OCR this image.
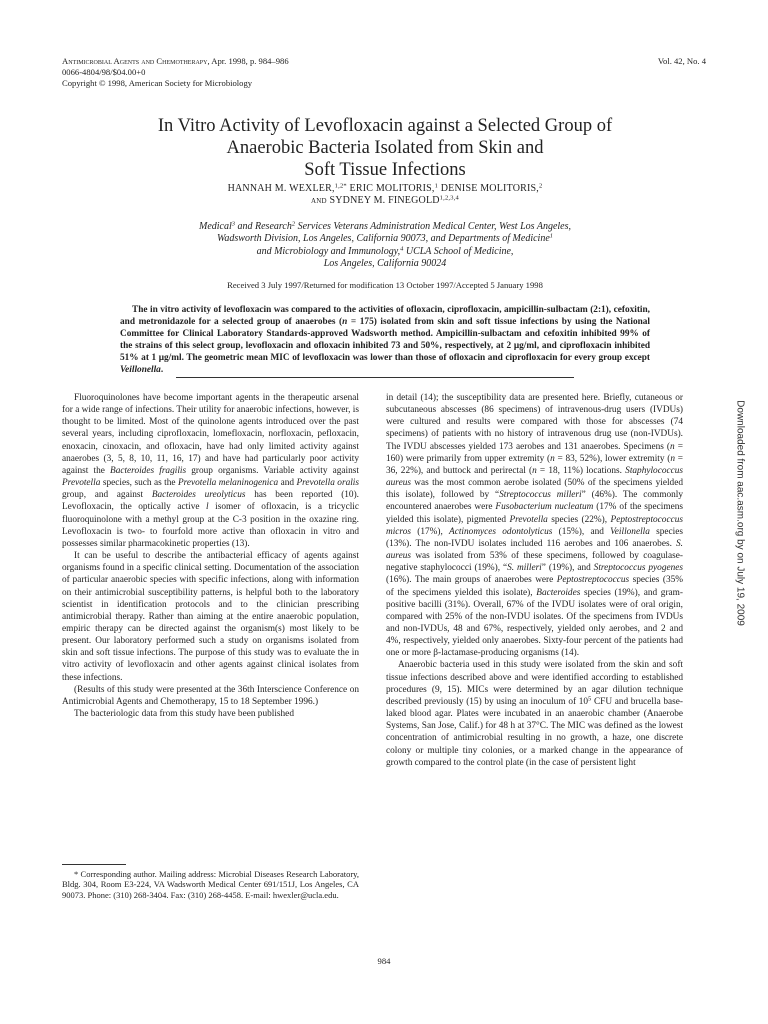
Antimicrobial Agents and Chemotherapy, Apr. 1998, p. 984–986
0066-4804/98/$04.00+0
Copyright © 1998, American Society for Microbiology
Vol. 42, No. 4
In Vitro Activity of Levofloxacin against a Selected Group of
Anaerobic Bacteria Isolated from Skin and
Soft Tissue Infections
HANNAH M. WEXLER,$^{1,2*}$ ERIC MOLITORIS,$^1$ DENISE MOLITORIS,$^2$
and SYDNEY M. FINEGOLD$^{1,2,3,4}$
Medical$^3$ and Research$^2$ Services Veterans Administration Medical Center, West Los Angeles,
Wadsworth Division, Los Angeles, California 90073, and Departments of Medicine$^1$
and Microbiology and Immunology,$^4$ UCLA School of Medicine,
Los Angeles, California 90024
Received 3 July 1997/Returned for modification 13 October 1997/Accepted 5 January 1998
The in vitro activity of levofloxacin was compared to the activities of ofloxacin, ciprofloxacin, ampicillin-sulbactam (2:1), cefoxitin, and metronidazole for a selected group of anaerobes (n = 175) isolated from skin and soft tissue infections by using the National Committee for Clinical Laboratory Standards-approved Wadsworth method. Ampicillin-sulbactam and cefoxitin inhibited 99% of the strains of this select group, levofloxacin and ofloxacin inhibited 73 and 50%, respectively, at 2 μg/ml, and ciprofloxacin inhibited 51% at 1 μg/ml. The geometric mean MIC of levofloxacin was lower than those of ofloxacin and ciprofloxacin for every group except Veillonella.

Fluoroquinolones have become important agents in the therapeutic arsenal for a wide range of infections. Their utility for anaerobic infections, however, is thought to be limited. Most of the quinolone agents introduced over the past several years, including ciprofloxacin, lomefloxacin, norfloxacin, pefloxacin, enoxacin, cinoxacin, and ofloxacin, have had only limited activity against anaerobes (3, 5, 8, 10, 11, 16, 17) and have had particularly poor activity against the Bacteroides fragilis group organisms. Variable activity against Prevotella species, such as the Prevotella melaninogenica and Prevotella oralis group, and against Bacteroides ureolyticus has been reported (10). Levofloxacin, the optically active l isomer of ofloxacin, is a tricyclic fluoroquinolone with a methyl group at the C-3 position in the oxazine ring. Levofloxacin is two- to fourfold more active than ofloxacin in vitro and possesses similar pharmacokinetic properties (13).

It can be useful to describe the antibacterial efficacy of agents against organisms found in a specific clinical setting. Documentation of the association of particular anaerobic species with specific infections, along with information on their antimicrobial susceptibility patterns, is helpful both to the laboratory scientist in identification protocols and to the clinician prescribing antimicrobial therapy. Rather than aiming at the entire anaerobic population, empiric therapy can be directed against the organism(s) most likely to be present. Our laboratory performed such a study on organisms isolated from skin and soft tissue infections. The purpose of this study was to evaluate the in vitro activity of levofloxacin and other agents against clinical isolates from these infections.

(Results of this study were presented at the 36th Interscience Conference on Antimicrobial Agents and Chemotherapy, 15 to 18 September 1996.)

The bacteriologic data from this study have been published

* Corresponding author. Mailing address: Microbial Diseases Research Laboratory, Bldg. 304, Room E3-224, VA Wadsworth Medical Center 691/151J, Los Angeles, CA 90073. Phone: (310) 268-3404. Fax: (310) 268-4458. E-mail: hwexler@ucla.edu.

in detail (14); the susceptibility data are presented here. Briefly, cutaneous or subcutaneous abscesses (86 specimens) of intravenous-drug users (IVDUs) were cultured and results were compared with those for abscesses (74 specimens) of patients with no history of intravenous drug use (non-IVDUs). The IVDU abscesses yielded 173 aerobes and 131 anaerobes. Specimens (n = 160) were primarily from upper extremity (n = 83, 52%), lower extremity (n = 36, 22%), and buttock and perirectal (n = 18, 11%) locations. Staphylococcus aureus was the most common aerobe isolated (50% of the specimens yielded this isolate), followed by “Streptococcus milleri” (46%). The commonly encountered anaerobes were Fusobacterium nucleatum (17% of the specimens yielded this isolate), pigmented Prevotella species (22%), Peptostreptococcus micros (17%), Actinomyces odontolyticus (15%), and Veillonella species (13%). The non-IVDU isolates included 116 aerobes and 106 anaerobes. S. aureus was isolated from 53% of these specimens, followed by coagulase-negative staphylococci (19%), “S. milleri” (19%), and Streptococcus pyogenes (16%). The main groups of anaerobes were Peptostreptococcus species (35% of the specimens yielded this isolate), Bacteroides species (19%), and gram-positive bacilli (31%). Overall, 67% of the IVDU isolates were of oral origin, compared with 25% of the non-IVDU isolates. Of the specimens from IVDUs and non-IVDUs, 48 and 67%, respectively, yielded only aerobes, and 2 and 4%, respectively, yielded only anaerobes. Sixty-four percent of the patients had one or more β-lactamase-producing organisms (14).

Anaerobic bacteria used in this study were isolated from the skin and soft tissue infections described above and were identified according to established procedures (9, 15). MICs were determined by an agar dilution technique described previously (15) by using an inoculum of $10^5$ CFU and brucella base-laked blood agar. Plates were incubated in an anaerobic chamber (Anaerobe Systems, San Jose, Calif.) for 48 h at 37°C. The MIC was defined as the lowest concentration of antimicrobial resulting in no growth, a haze, one discrete colony or multiple tiny colonies, or a marked change in the appearance of growth compared to the control plate (in the case of persistent light

984
Downloaded from aac.asm.org by on July 19, 2009
